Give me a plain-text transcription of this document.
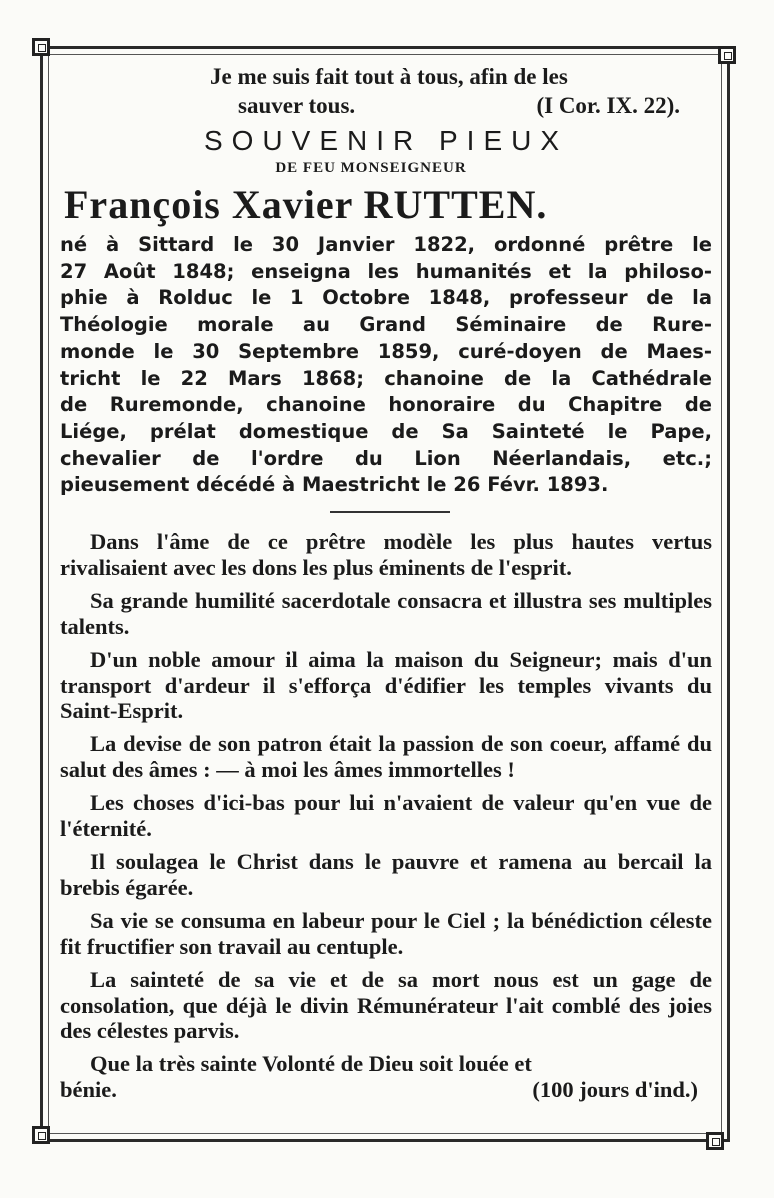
Je me suis fait tout à tous, afin de les
sauver tous.	(I Cor. IX. 22).
SOUVENIR PIEUX
DE FEU MONSEIGNEUR
François Xavier RUTTEN.
né à Sittard le 30 Janvier 1822, ordonné prêtre le
27 Août 1848; enseigna les humanités et la philoso-
phie à Rolduc le 1 Octobre 1848, professeur de la
Théologie morale au Grand Séminaire de Rure-
monde le 30 Septembre 1859, curé-doyen de Maes-
tricht le 22 Mars 1868; chanoine de la Cathédrale
de Ruremonde, chanoine honoraire du Chapitre de
Liége, prélat domestique de Sa Sainteté le Pape,
chevalier de l'ordre du Lion Néerlandais, etc.;
pieusement décédé à Maestricht le 26 Févr. 1893.

Dans l'âme de ce prêtre modèle les plus hautes vertus rivalisaient avec les dons les plus éminents de l'esprit.

Sa grande humilité sacerdotale consacra et illustra ses multiples talents.

D'un noble amour il aima la maison du Seigneur; mais d'un transport d'ardeur il s'efforça d'édifier les temples vivants du Saint-Esprit.

La devise de son patron était la passion de son coeur, affamé du salut des âmes : — à moi les âmes immortelles !

Les choses d'ici-bas pour lui n'avaient de valeur qu'en vue de l'éternité.

Il soulagea le Christ dans le pauvre et ramena au bercail la brebis égarée.

Sa vie se consuma en labeur pour le Ciel ; la bénédiction céleste fit fructifier son travail au centuple.

La sainteté de sa vie et de sa mort nous est un gage de consolation, que déjà le divin Rémunérateur l'ait comblé des joies des célestes parvis.

Que la très sainte Volonté de Dieu soit louée et

bénie.	(100 jours d'ind.)
